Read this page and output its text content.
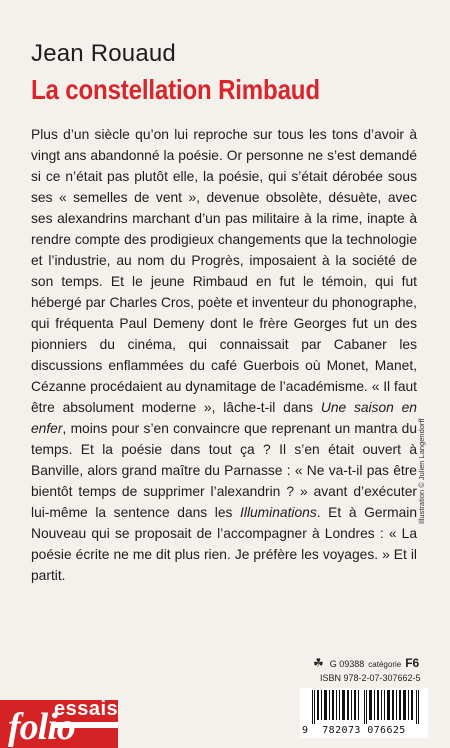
Jean Rouaud
La constellation Rimbaud
Plus d’un siècle qu’on lui reproche sur tous les tons d’avoir à vingt ans abandonné la poésie. Or personne ne s’est demandé si ce n’était pas plutôt elle, la poésie, qui s’était dérobée sous ses « semelles de vent », devenue obsolète, désuète, avec ses alexandrins marchant d’un pas militaire à la rime, inapte à rendre compte des prodigieux changements que la technologie et l’industrie, au nom du Progrès, imposaient à la société de son temps. Et le jeune Rimbaud en fut le témoin, qui fut hébergé par Charles Cros, poète et inventeur du phonographe, qui fréquenta Paul Demeny dont le frère Georges fut un des pionniers du cinéma, qui connaissait par Cabaner les discussions enflammées du café Guerbois où Monet, Manet, Cézanne procédaient au dynamitage de l’académisme. « Il faut être absolument moderne », lâche-t-il dans Une saison en enfer, moins pour s’en convaincre que reprenant un mantra du temps. Et la poésie dans tout ça ? Il s’en était ouvert à Banville, alors grand maître du Parnasse : « Ne va-t-il pas être bientôt temps de supprimer l’alexandrin ? » avant d’exécuter lui-même la sentence dans les Illuminations. Et à Germain Nouveau qui se proposait de l’accompagner à Londres : « La poésie écrite ne me dit plus rien. Je préfère les voyages. » Et il partit.
Illustration © Julien Langendorff
☘ G 09388 catégorie F6
ISBN 978-2-07-307662-5
9	782073 076625
folio
essais
